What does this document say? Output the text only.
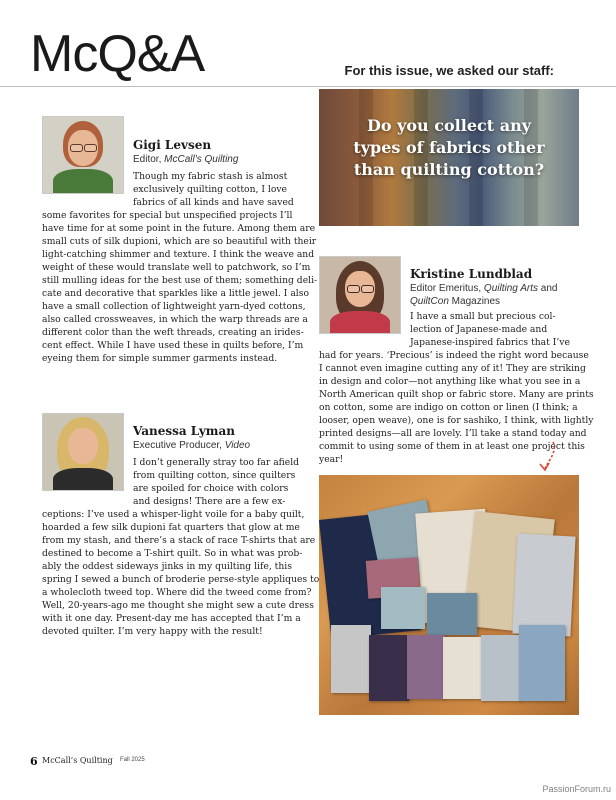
McQ&A	For this issue, we asked our staff:
Do you collect any
types of fabrics other
than quilting cotton?
Gigi Levsen
Editor, McCall’s Quilting
Though my fabric stash is almost
exclusively quilting cotton, I love
fabrics of all kinds and have saved
some favorites for special but unspecified projects I’ll
have time for at some point in the future. Among them are
small cuts of silk dupioni, which are so beautiful with their
light-catching shimmer and texture. I think the weave and
weight of these would translate well to patchwork, so I’m
still mulling ideas for the best use of them; something deli-
cate and decorative that sparkles like a little jewel. I also
have a small collection of lightweight yarn-dyed cottons,
also called crossweaves, in which the warp threads are a
different color than the weft threads, creating an irides-
cent effect. While I have used these in quilts before, I’m
eyeing them for simple summer garments instead.
Kristine Lundblad
Editor Emeritus, Quilting Arts and
QuiltCon Magazines
I have a small but precious col-
lection of Japanese-made and
Japanese-inspired fabrics that I’ve
had for years. ‘Precious’ is indeed the right word because
I cannot even imagine cutting any of it! They are striking
in design and color—not anything like what you see in a
North American quilt shop or fabric store. Many are prints
on cotton, some are indigo on cotton or linen (I think; a
looser, open weave), one is for sashiko, I think, with lightly
printed designs—all are lovely. I’ll take a stand today and
commit to using some of them in at least one project this
year!
Vanessa Lyman
Executive Producer, Video
I don’t generally stray too far afield
from quilting cotton, since quilters
are spoiled for choice with colors
and designs! There are a few ex-
ceptions: I’ve used a whisper-light voile for a baby quilt,
hoarded a few silk dupioni fat quarters that glow at me
from my stash, and there’s a stack of race T-shirts that are
destined to become a T-shirt quilt. So in what was prob-
ably the oddest sideways jinks in my quilting life, this
spring I sewed a bunch of broderie perse-style appliques to
a wholecloth tweed top. Where did the tweed come from?
Well, 20-years-ago me thought she might sew a cute dress
with it one day. Present-day me has accepted that I’m a
devoted quilter. I’m very happy with the result!
6 McCall’s Quilting Fall 2025
PassionForum.ru
